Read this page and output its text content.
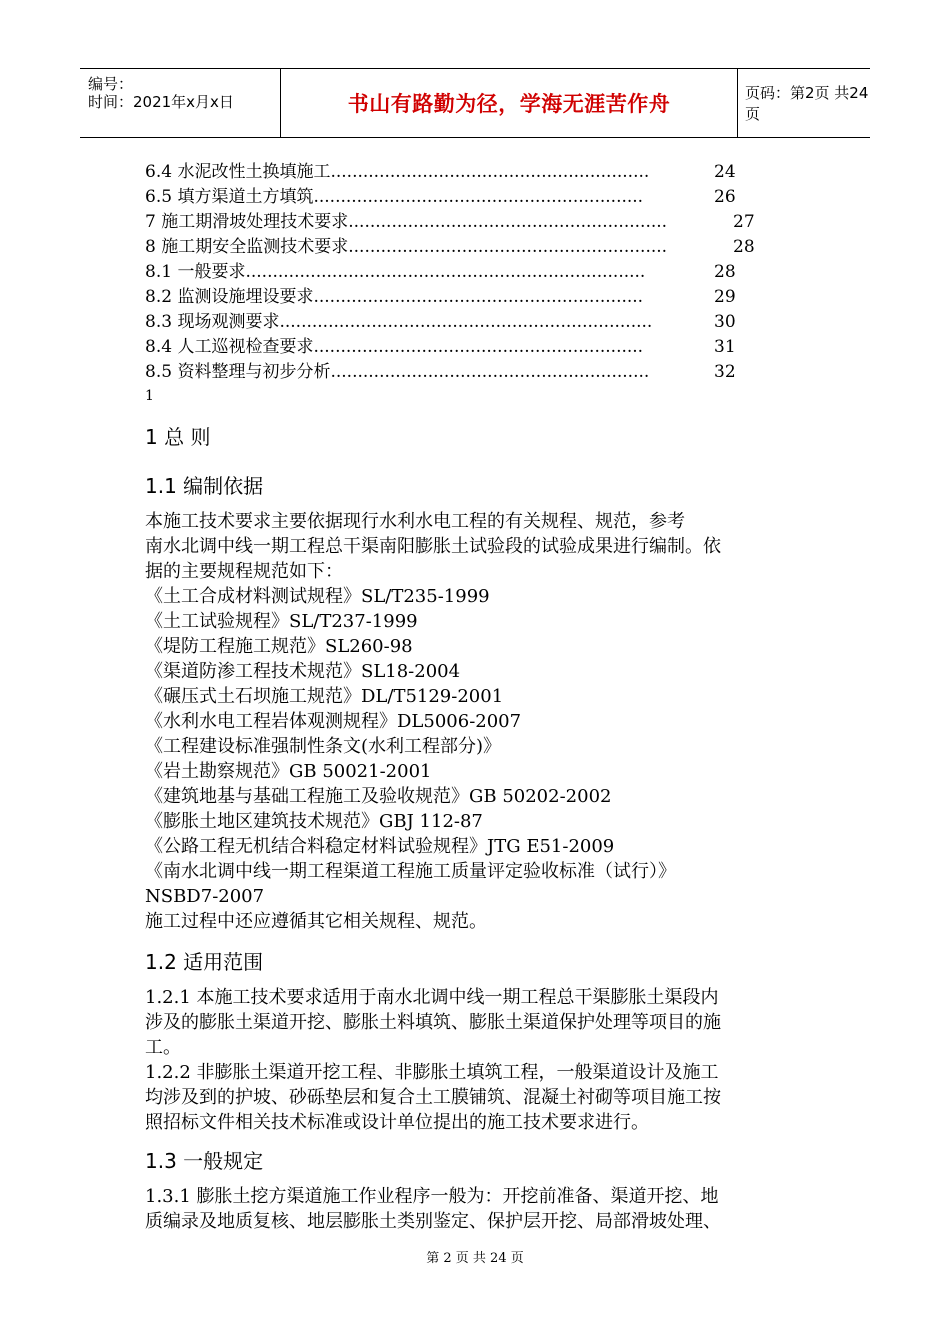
编号：
时间：2021年x月x日	书山有路勤为径，学海无涯苦作舟	页码：第2页 共24页
6.4 水泥改性土换填施工...........................................................	24
6.5 填方渠道土方填筑.............................................................	26
7 施工期滑坡处理技术要求...........................................................	27
8 施工期安全监测技术要求...........................................................	28
8.1 一般要求..........................................................................	28
8.2 监测设施埋设要求.............................................................	29
8.3 现场观测要求.....................................................................	30
8.4 人工巡视检查要求.............................................................	31
8.5 资料整理与初步分析...........................................................	32
1
1 总 则
1.1 编制依据
本施工技术要求主要依据现行水利水电工程的有关规程、规范，参考
南水北调中线一期工程总干渠南阳膨胀土试验段的试验成果进行编制。依
据的主要规程规范如下：
《土工合成材料测试规程》SL/T235-1999
《土工试验规程》SL/T237-1999
《堤防工程施工规范》SL260-98
《渠道防渗工程技术规范》SL18-2004
《碾压式土石坝施工规范》DL/T5129-2001
《水利水电工程岩体观测规程》DL5006-2007
《工程建设标准强制性条文(水利工程部分)》
《岩土勘察规范》GB 50021-2001
《建筑地基与基础工程施工及验收规范》GB 50202-2002
《膨胀土地区建筑技术规范》GBJ 112-87
《公路工程无机结合料稳定材料试验规程》JTG E51-2009
《南水北调中线一期工程渠道工程施工质量评定验收标准（试行）》
NSBD7-2007
施工过程中还应遵循其它相关规程、规范。
1.2 适用范围
1.2.1 本施工技术要求适用于南水北调中线一期工程总干渠膨胀土渠段内
涉及的膨胀土渠道开挖、膨胀土料填筑、膨胀土渠道保护处理等项目的施
工。
1.2.2 非膨胀土渠道开挖工程、非膨胀土填筑工程，一般渠道设计及施工
均涉及到的护坡、砂砾垫层和复合土工膜铺筑、混凝土衬砌等项目施工按
照招标文件相关技术标准或设计单位提出的施工技术要求进行。
1.3 一般规定
1.3.1 膨胀土挖方渠道施工作业程序一般为：开挖前准备、渠道开挖、地
质编录及地质复核、地层膨胀土类别鉴定、保护层开挖、局部滑坡处理、
第 2 页 共 24 页
